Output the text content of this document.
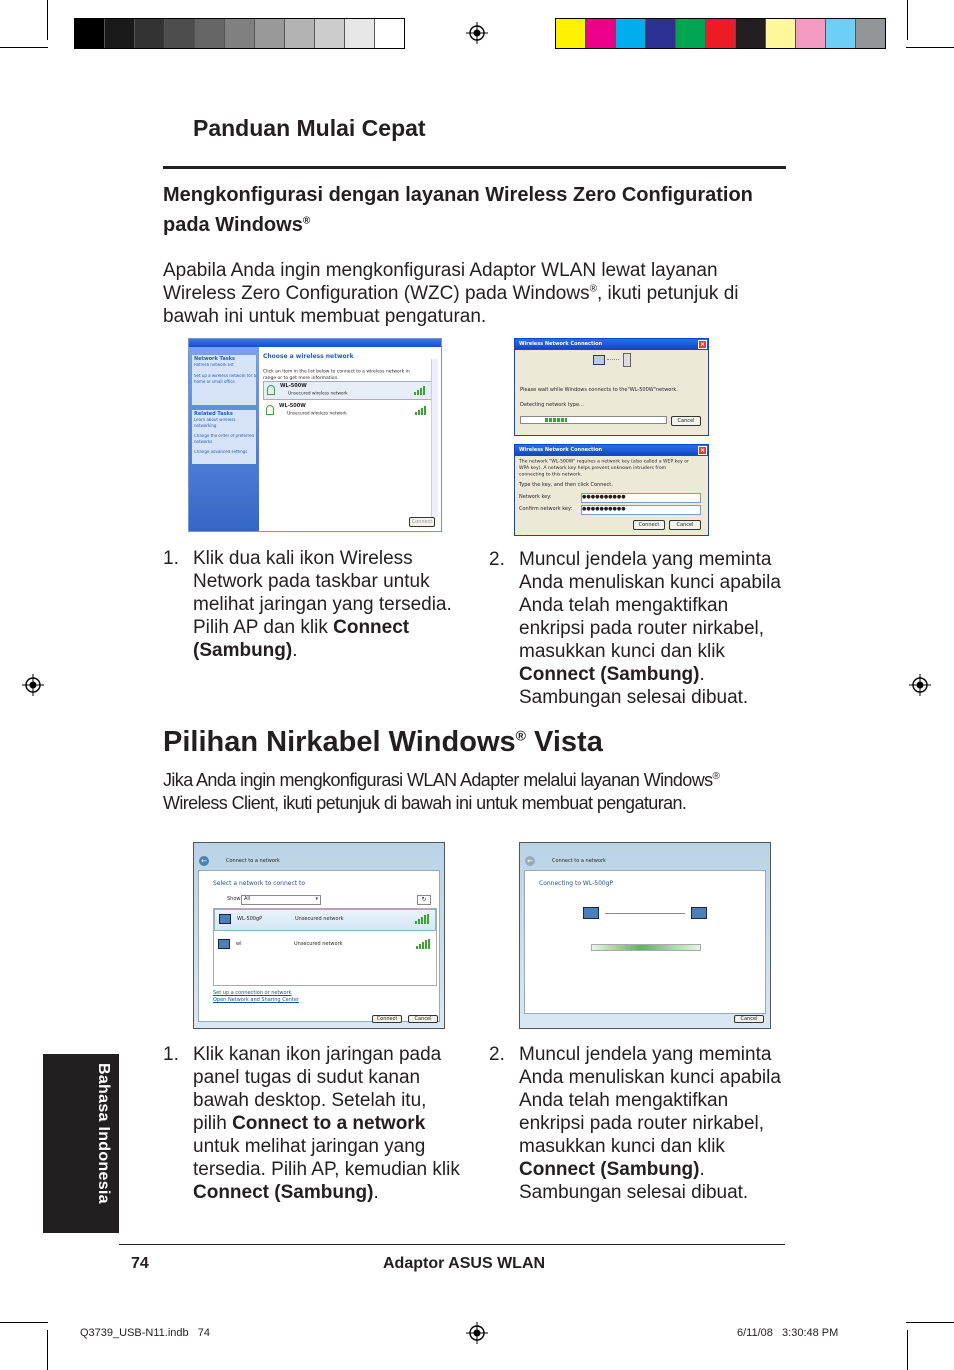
Panduan Mulai Cepat
Mengkonfigurasi dengan layanan Wireless Zero Configuration
pada Windows®
Apabila Anda ingin mengkonfigurasi Adaptor WLAN lewat layanan
Wireless Zero Configuration (WZC) pada Windows®, ikuti petunjuk di
bawah ini untuk membuat pengaturan.
Network Tasks
Refresh network list
Set up a wireless network for a home or small office
Related Tasks
Learn about wireless networking
Change the order of preferred networks
Change advanced settings
Choose a wireless network
Click an item in the list below to connect to a wireless network in range or to get more information.
WL-500W
Unsecured wireless network
WL-500W
Unsecured wireless network
Connect
Wireless Network Connection	×
Please wait while Windows connects to the"WL-500W"network.
Detecting network type...
Cancel
Wireless Network Connection	×
The network "WL-500W" requires a network key (also called a WEP key or WPA key). A network key helps prevent unknown intruders from connecting to this network.
Type the key, and then click Connect.
Network key:	●●●●●●●●●●
Confirm network key: ●●●●●●●●●●
Connect	Cancel
1. Klik dua kali ikon Wireless
Network pada taskbar untuk
melihat jaringan yang tersedia.
Pilih AP dan klik Connect
(Sambung).
2. Muncul jendela yang meminta
Anda menuliskan kunci apabila
Anda telah mengaktifkan
enkripsi pada router nirkabel,
masukkan kunci dan klik
Connect (Sambung).
Sambungan selesai dibuat.
Pilihan Nirkabel Windows® Vista
Jika Anda ingin mengkonfigurasi WLAN Adapter melalui layanan Windows®
Wireless Client, ikuti petunjuk di bawah ini untuk membuat pengaturan.
←	Connect to a network
Select a network to connect to
Show All	▾	↻
WL-500gP	Unsecured network
wl	Unsecured network
Set up a connection or network
Open Network and Sharing Center
Connect	Cancel
←	Connect to a network
Connecting to WL-500gP
Cancel
1. Klik kanan ikon jaringan pada
panel tugas di sudut kanan
bawah desktop. Setelah itu,
pilih Connect to a network
untuk melihat jaringan yang
tersedia. Pilih AP, kemudian klik
Connect (Sambung).
2. Muncul jendela yang meminta
Anda menuliskan kunci apabila
Anda telah mengaktifkan
enkripsi pada router nirkabel,
masukkan kunci dan klik
Connect (Sambung).
Sambungan selesai dibuat.
Bahasa Indonesia
74	Adaptor ASUS WLAN
Q3739_USB-N11.indb   74	6/11/08   3:30:48 PM
